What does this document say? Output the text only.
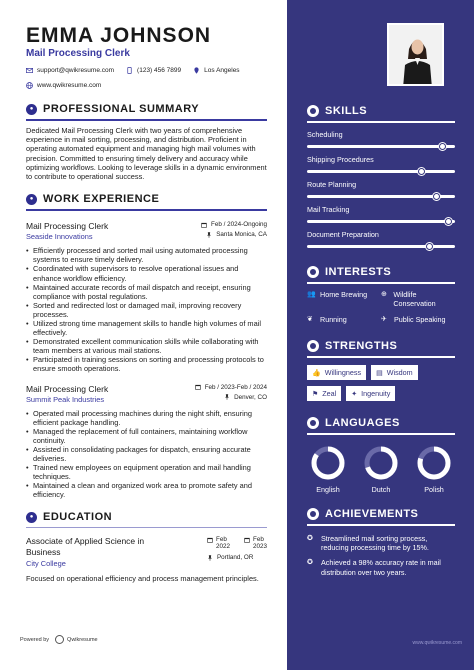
EMMA JOHNSON
Mail Processing Clerk
support@qwikresume.com	(123) 456 7899	Los Angeles
www.qwikresume.com
● PROFESSIONAL SUMMARY
Dedicated Mail Processing Clerk with two years of comprehensive experience in mail sorting, processing, and distribution. Proficient in operating automated equipment and managing high mail volumes with precision. Committed to ensuring timely delivery and accuracy while optimizing workflows. Looking to leverage skills in a dynamic environment to contribute to operational success.
● WORK EXPERIENCE
Mail Processing Clerk
Seaside Innovations
Feb / 2024-Ongoing
Santa Monica, CA
• Efficiently processed and sorted mail using automated processing systems to ensure timely delivery.
• Coordinated with supervisors to resolve operational issues and enhance workflow efficiency.
• Maintained accurate records of mail dispatch and receipt, ensuring compliance with postal regulations.
• Sorted and redirected lost or damaged mail, improving recovery processes.
• Utilized strong time management skills to handle high volumes of mail effectively.
• Demonstrated excellent communication skills while collaborating with team members at various mail stations.
• Participated in training sessions on sorting and processing protocols to ensure smooth operations.
Mail Processing Clerk
Summit Peak Industries
Feb / 2023-Feb / 2024
Denver, CO
• Operated mail processing machines during the night shift, ensuring efficient package handling.
• Managed the replacement of full containers, maintaining workflow continuity.
• Assisted in consolidating packages for dispatch, ensuring accurate deliveries.
• Trained new employees on equipment operation and mail handling techniques.
• Maintained a clean and organized work area to promote safety and efficiency.
● EDUCATION
Associate of Applied Science in Business
City College
Feb
2022
Feb
2023
Portland, OR
Focused on operational efficiency and process management principles.
Powered by	Qwikresume
SKILLS
Scheduling
Shipping Procedures
Route Planning
Mail Tracking
Document Preparation
INTERESTS
👥 Home Brewing ⊕ Wildlife Conservation
❦ Running	✈ Public Speaking
STRENGTHS
👍 Willingness ▤ Wisdom
⚑ Zeal ✦ Ingenuity
LANGUAGES
English	Dutch	Polish
ACHIEVEMENTS
✪	Streamlined mail sorting process, reducing processing time by 15%.
✪	Achieved a 98% accuracy rate in mail distribution over two years.
www.qwikresume.com
